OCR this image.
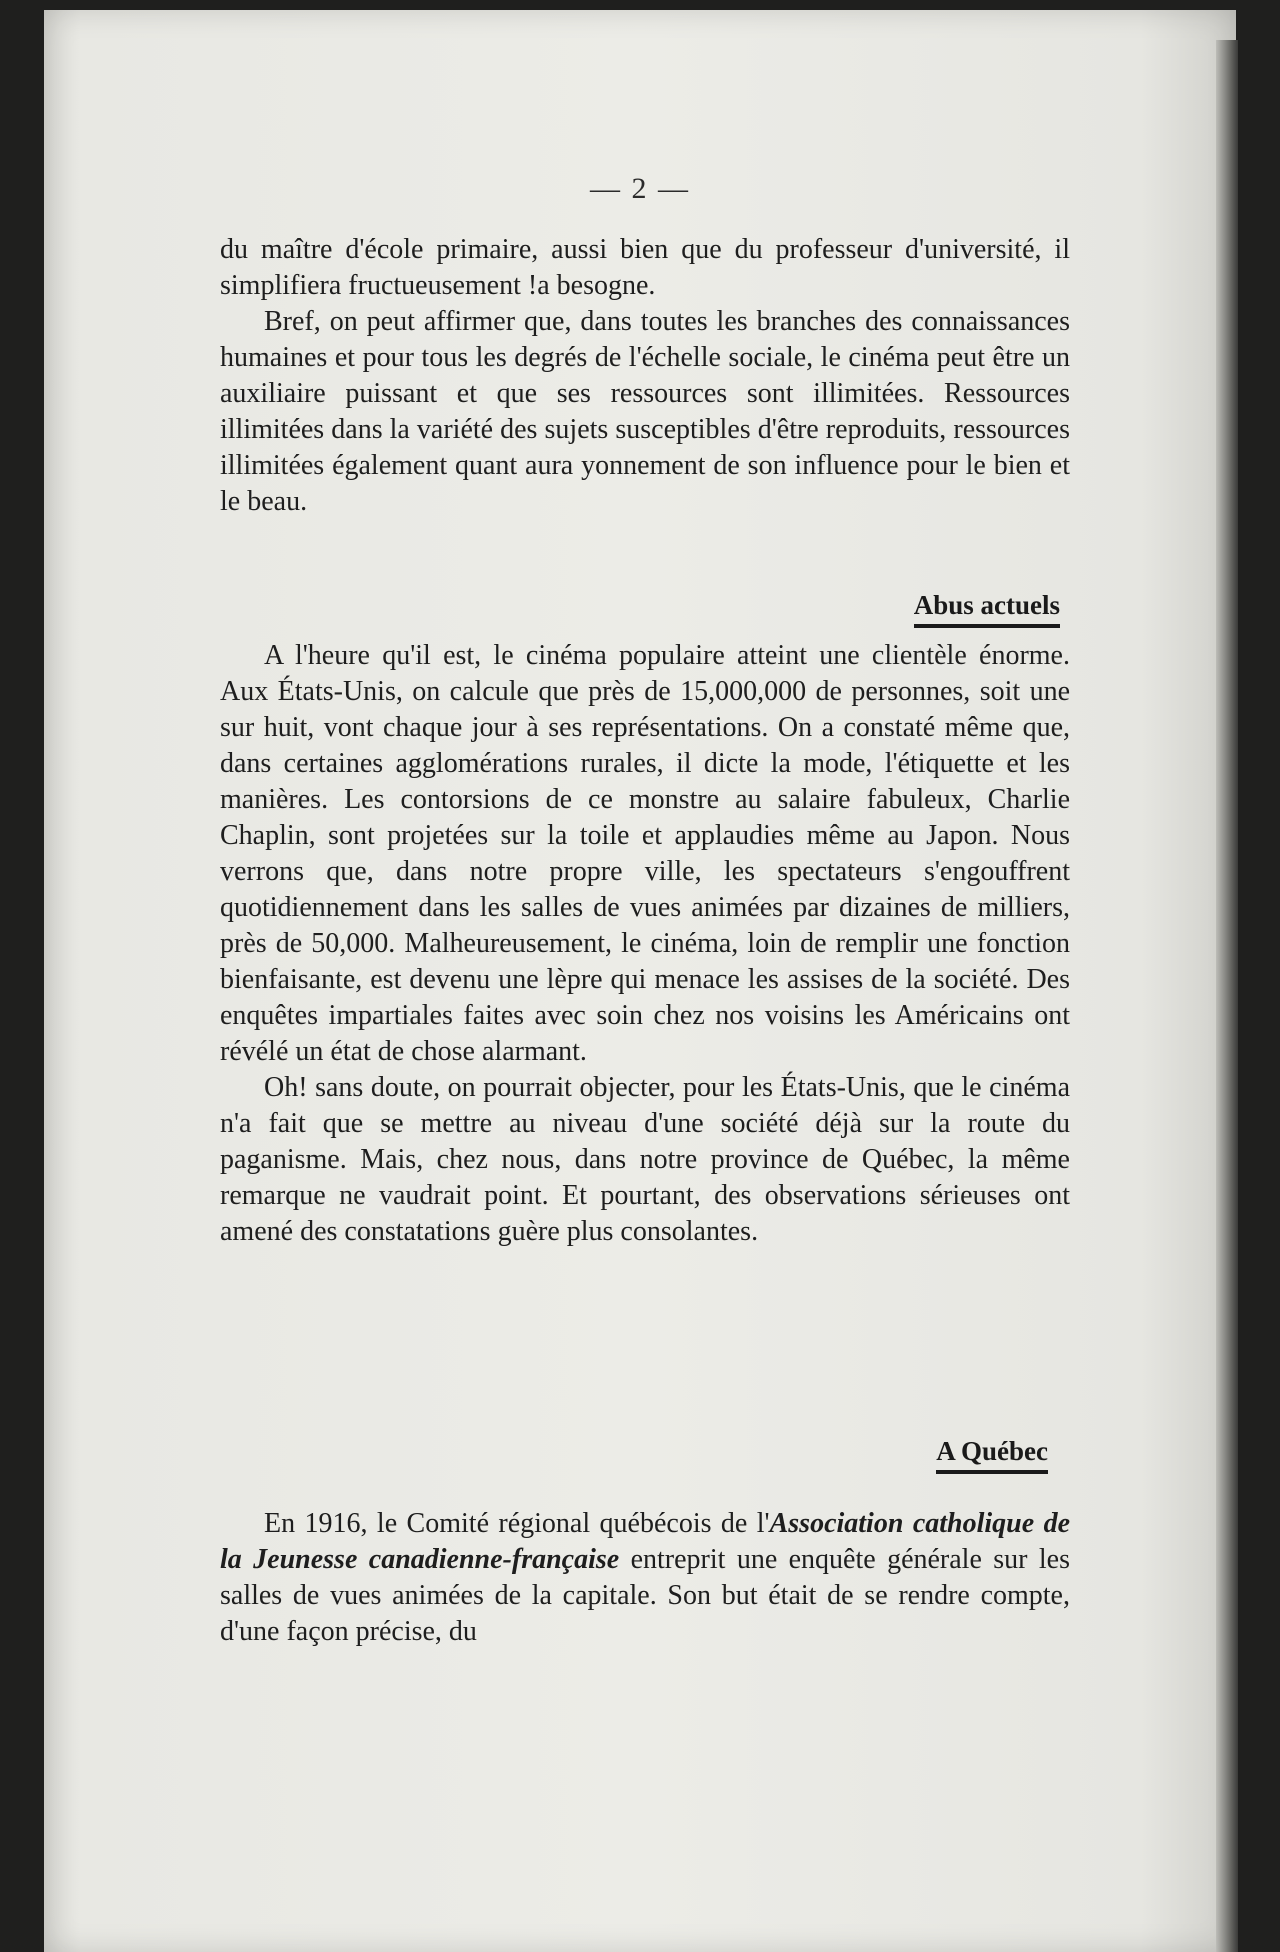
— 2 —

du maître d'école primaire, aussi bien que du professeur d'université, il simplifiera fructueusement !a besogne.

Bref, on peut affirmer que, dans toutes les branches des connaissances humaines et pour tous les degrés de l'échelle sociale, le cinéma peut être un auxiliaire puissant et que ses ressources sont illimitées. Ressources illimitées dans la variété des sujets susceptibles d'être reproduits, ressources illimitées également quant aura yonnement de son influence pour le bien et le beau.

Abus actuels

A l'heure qu'il est, le cinéma populaire atteint une clientèle énorme. Aux États-Unis, on calcule que près de 15,000,000 de personnes, soit une sur huit, vont chaque jour à ses représentations. On a constaté même que, dans certaines agglomérations rurales, il dicte la mode, l'étiquette et les manières. Les contorsions de ce monstre au salaire fabuleux, Charlie Chaplin, sont projetées sur la toile et applaudies même au Japon. Nous verrons que, dans notre propre ville, les spectateurs s'engouffrent quotidiennement dans les salles de vues animées par dizaines de milliers, près de 50,000. Malheureusement, le cinéma, loin de remplir une fonction bienfaisante, est devenu une lèpre qui menace les assises de la société. Des enquêtes impartiales faites avec soin chez nos voisins les Américains ont révélé un état de chose alarmant.

Oh! sans doute, on pourrait objecter, pour les États-Unis, que le cinéma n'a fait que se mettre au niveau d'une société déjà sur la route du paganisme. Mais, chez nous, dans notre province de Québec, la même remarque ne vaudrait point. Et pourtant, des observations sérieuses ont amené des constatations guère plus consolantes.

A Québec

En 1916, le Comité régional québécois de l'Association catholique de la Jeunesse canadienne-française entreprit une enquête générale sur les salles de vues animées de la capitale. Son but était de se rendre compte, d'une façon précise, du
